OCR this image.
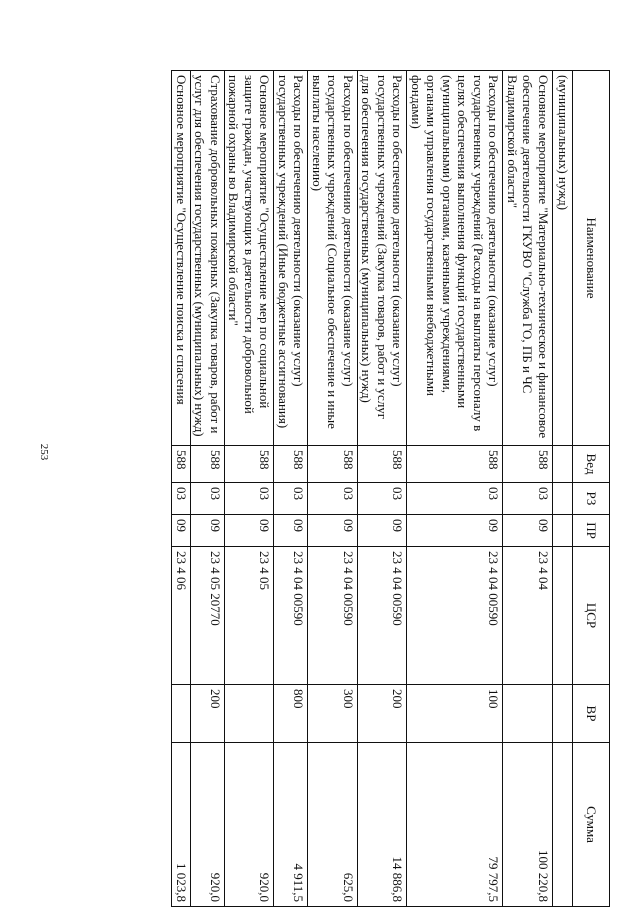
253
Наименование	Вед	РЗ	ПР	ЦСР	ВР	Сумма
(муниципальных) нужд)						
Основное мероприятие "Материально-техническое и финансовое обеспечение деятельности ГКУВО "Служба ГО, ПБ и ЧС Владимирской области"	588	03	09	23 4 04		100 220,8
Расходы по обеспечению деятельности (оказание услуг) государственных учреждений (Расходы на выплаты персоналу в целях обеспечения выполнения функций государственными (муниципальными) органами, казенными учреждениями, органами управления государственными внебюджетными фондами)	588	03	09	23 4 04 00590	100	79 797,5
Расходы по обеспечению деятельности (оказание услуг) государственных учреждений (Закупка товаров, работ и услуг для обеспечения государственных (муниципальных) нужд)	588	03	09	23 4 04 00590	200	14 886,8
Расходы по обеспечению деятельности (оказание услуг) государственных учреждений (Социальное обеспечение и иные выплаты населению)	588	03	09	23 4 04 00590	300	625,0
Расходы по обеспечению деятельности (оказание услуг) государственных учреждений (Иные бюджетные ассигнования)	588	03	09	23 4 04 00590	800	4 911,5
Основное мероприятие "Осуществление мер по социальной защите граждан, участвующих в деятельности добровольной пожарной охраны во Владимирской области"	588	03	09	23 4 05		920,0
Страхование добровольных пожарных (Закупка товаров, работ и услуг для обеспечения государственных (муниципальных) нужд)	588	03	09	23 4 05 20770	200	920,0
Основное мероприятие "Осуществление поиска и спасения	588	03	09	23 4 06		1 023,8
